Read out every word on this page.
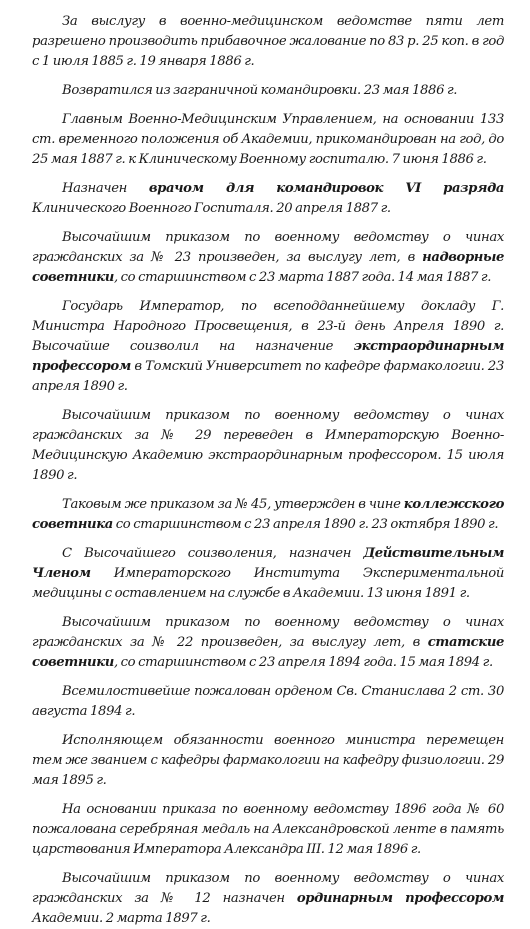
За выслугу в военно-медицинском ведомстве пяти лет разрешено производить прибавочное жалование по 83 р. 25 коп. в год с 1 июля 1885 г. 19 января 1886 г.

Возвратился из заграничной командировки. 23 мая 1886 г.

Главным Военно-Медицинским Управлением, на основании 133 ст. временного положения об Академии, прикомандирован на год, до 25 мая 1887 г. к Клиническому Военному госпиталю. 7 июня 1886 г.

Назначен врачом для командировок VI разряда Клинического Военного Госпиталя. 20 апреля 1887 г.

Высочайшим приказом по военному ведомству о чинах гражданских за № 23 произведен, за выслугу лет, в надворные советники, со старшинством с 23 марта 1887 года. 14 мая 1887 г.

Государь Император, по всеподданнейшему докладу Г. Министра Народного Просвещения, в 23-й день Апреля 1890 г. Высочайше соизволил на назначение экстраординарным профессором в Томский Университет по кафедре фармакологии. 23 апреля 1890 г.

Высочайшим приказом по военному ведомству о чинах гражданских за № 29 переведен в Императорскую Военно-Медицинскую Академию экстраординарным профессором. 15 июля 1890 г.

Таковым же приказом за № 45, утвержден в чине коллежского советника со старшинством с 23 апреля 1890 г. 23 октября 1890 г.

С Высочайшего соизволения, назначен Действительным Членом Императорского Института Экспериментальной медицины с оставлением на службе в Академии. 13 июня 1891 г.

Высочайшим приказом по военному ведомству о чинах гражданских за № 22 произведен, за выслугу лет, в статские советники, со старшинством с 23 апреля 1894 года. 15 мая 1894 г.

Всемилостивейше пожалован орденом Св. Станислава 2 ст. 30 августа 1894 г.

Исполняющем обязанности военного министра перемещен тем же званием с кафедры фармакологии на кафедру физиологии. 29 мая 1895 г.

На основании приказа по военному ведомству 1896 года № 60 пожалована серебряная медаль на Александровской ленте в память царствования Императора Александра III. 12 мая 1896 г.

Высочайшим приказом по военному ведомству о чинах гражданских за № 12 назначен ординарным профессором Академии. 2 марта 1897 г.
